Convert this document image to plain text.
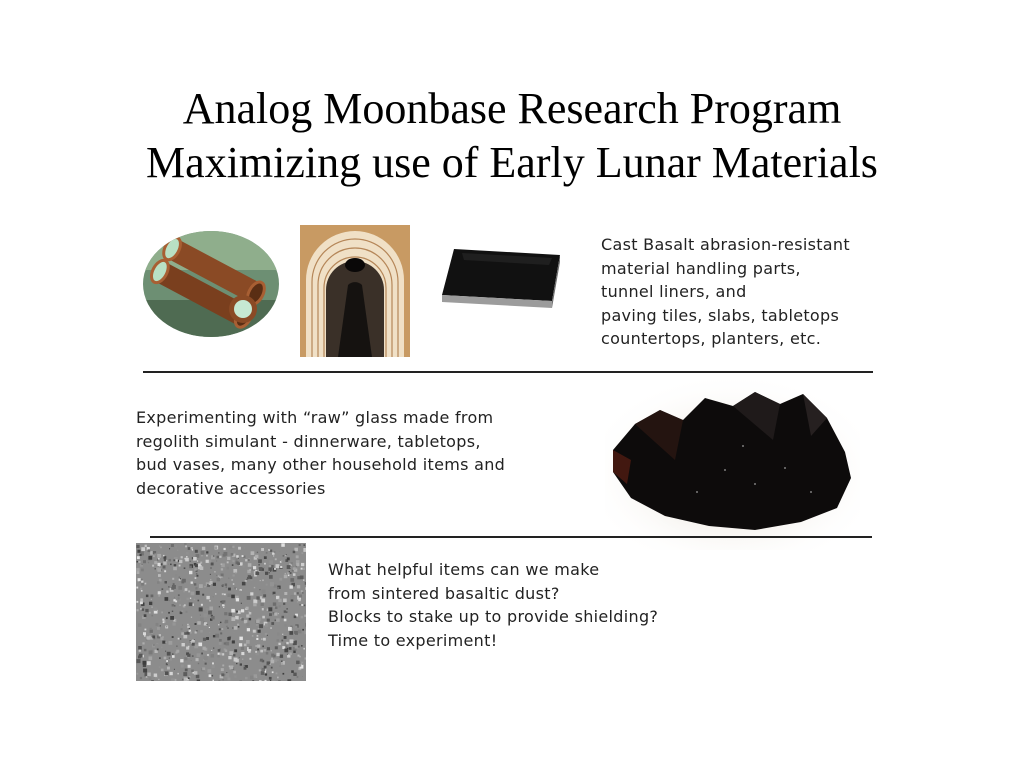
Analog Moonbase Research Program
Maximizing use of Early Lunar Materials
Cast Basalt abrasion-resistant
material handling parts,
tunnel liners, and
paving tiles, slabs, tabletops
countertops, planters, etc.
Experimenting with “raw” glass made from
regolith simulant - dinnerware, tabletops,
bud vases, many other household items and
decorative accessories
What helpful items can we make
from sintered basaltic dust?
Blocks to stake up to provide shielding?
Time to experiment!
